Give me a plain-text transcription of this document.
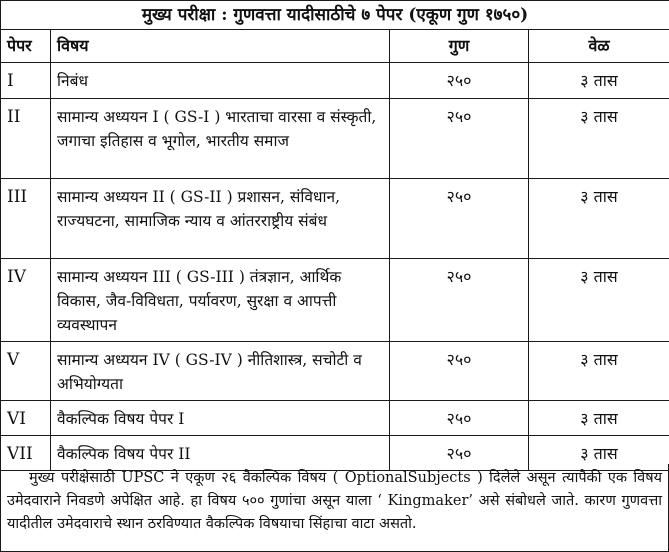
मुख्य परीक्षा : गुणवत्ता यादीसाठीचे ७ पेपर (एकूण गुण १७५०)			
पेपर	विषय	गुण	वेळ
I	निबंध	२५०	३ तास
II	सामान्य अध्ययन I ( GS-I ) भारताचा वारसा व संस्कृती, जगाचा इतिहास व भूगोल, भारतीय समाज	२५०	३ तास
III	सामान्य अध्ययन II ( GS-II ) प्रशासन, संविधान, राज्यघटना, सामाजिक न्याय व आंतरराष्ट्रीय संबंध	२५०	३ तास
IV	सामान्य अध्ययन III ( GS-III ) तंत्रज्ञान, आर्थिक विकास, जैव-विविधता, पर्यावरण, सुरक्षा व आपत्ती व्यवस्थापन	२५०	३ तास
V	सामान्य अध्ययन IV ( GS-IV ) नीतिशास्त्र, सचोटी व अभियोग्यता	२५०	३ तास
VI	वैकल्पिक विषय पेपर I	२५०	३ तास
VII	वैकल्पिक विषय पेपर II	२५०	३ तास
मुख्य परीक्षेसाठी UPSC ने एकूण २६ वैकल्पिक विषय ( OptionalSubjects ) दिलेले असून त्यापैकी एक विषय उमेदवाराने निवडणे अपेक्षित आहे. हा विषय ५०० गुणांचा असून याला ‘ Kingmaker’ असे संबोधले जाते. कारण गुणवत्ता यादीतील उमेदवाराचे स्थान ठरविण्यात वैकल्पिक विषयाचा सिंहाचा वाटा असतो.
